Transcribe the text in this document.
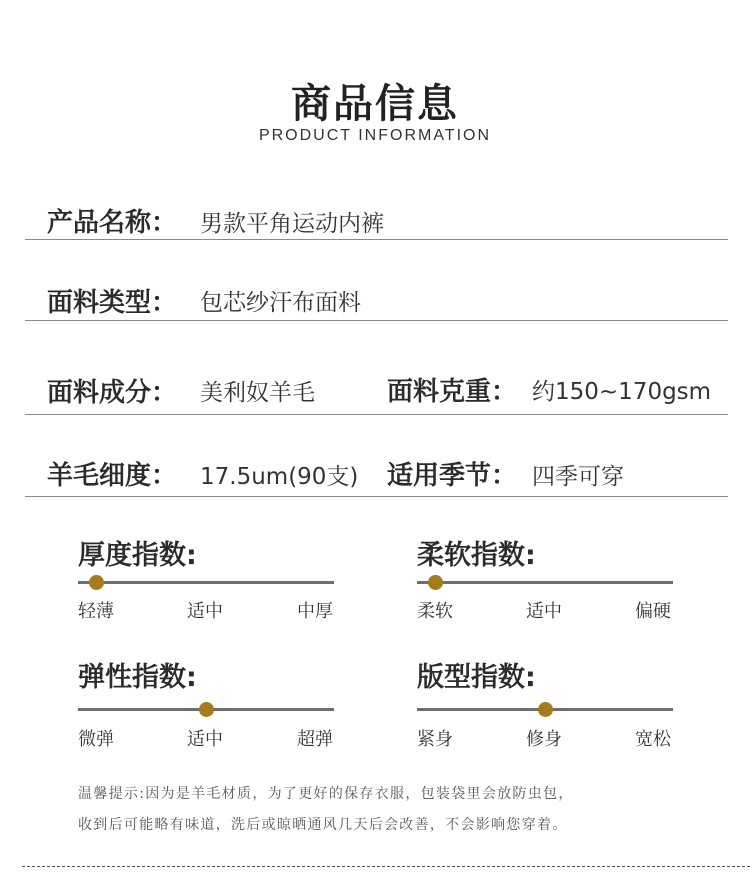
商品信息
PRODUCT INFORMATION
产品名称： 男款平角运动内裤
面料类型： 包芯纱汗布面料
面料成分： 美利奴羊毛	面料克重： 约150~170gsm
羊毛细度： 17.5um(90支) 适用季节： 四季可穿
厚度指数:
轻薄	适中	中厚
柔软指数:
柔软	适中	偏硬
弹性指数:
微弹	适中	超弹
版型指数:
紧身	修身	宽松
温馨提示:因为是羊毛材质，为了更好的保存衣服，包装袋里会放防虫包，
收到后可能略有味道，洗后或晾晒通风几天后会改善，不会影响您穿着。
